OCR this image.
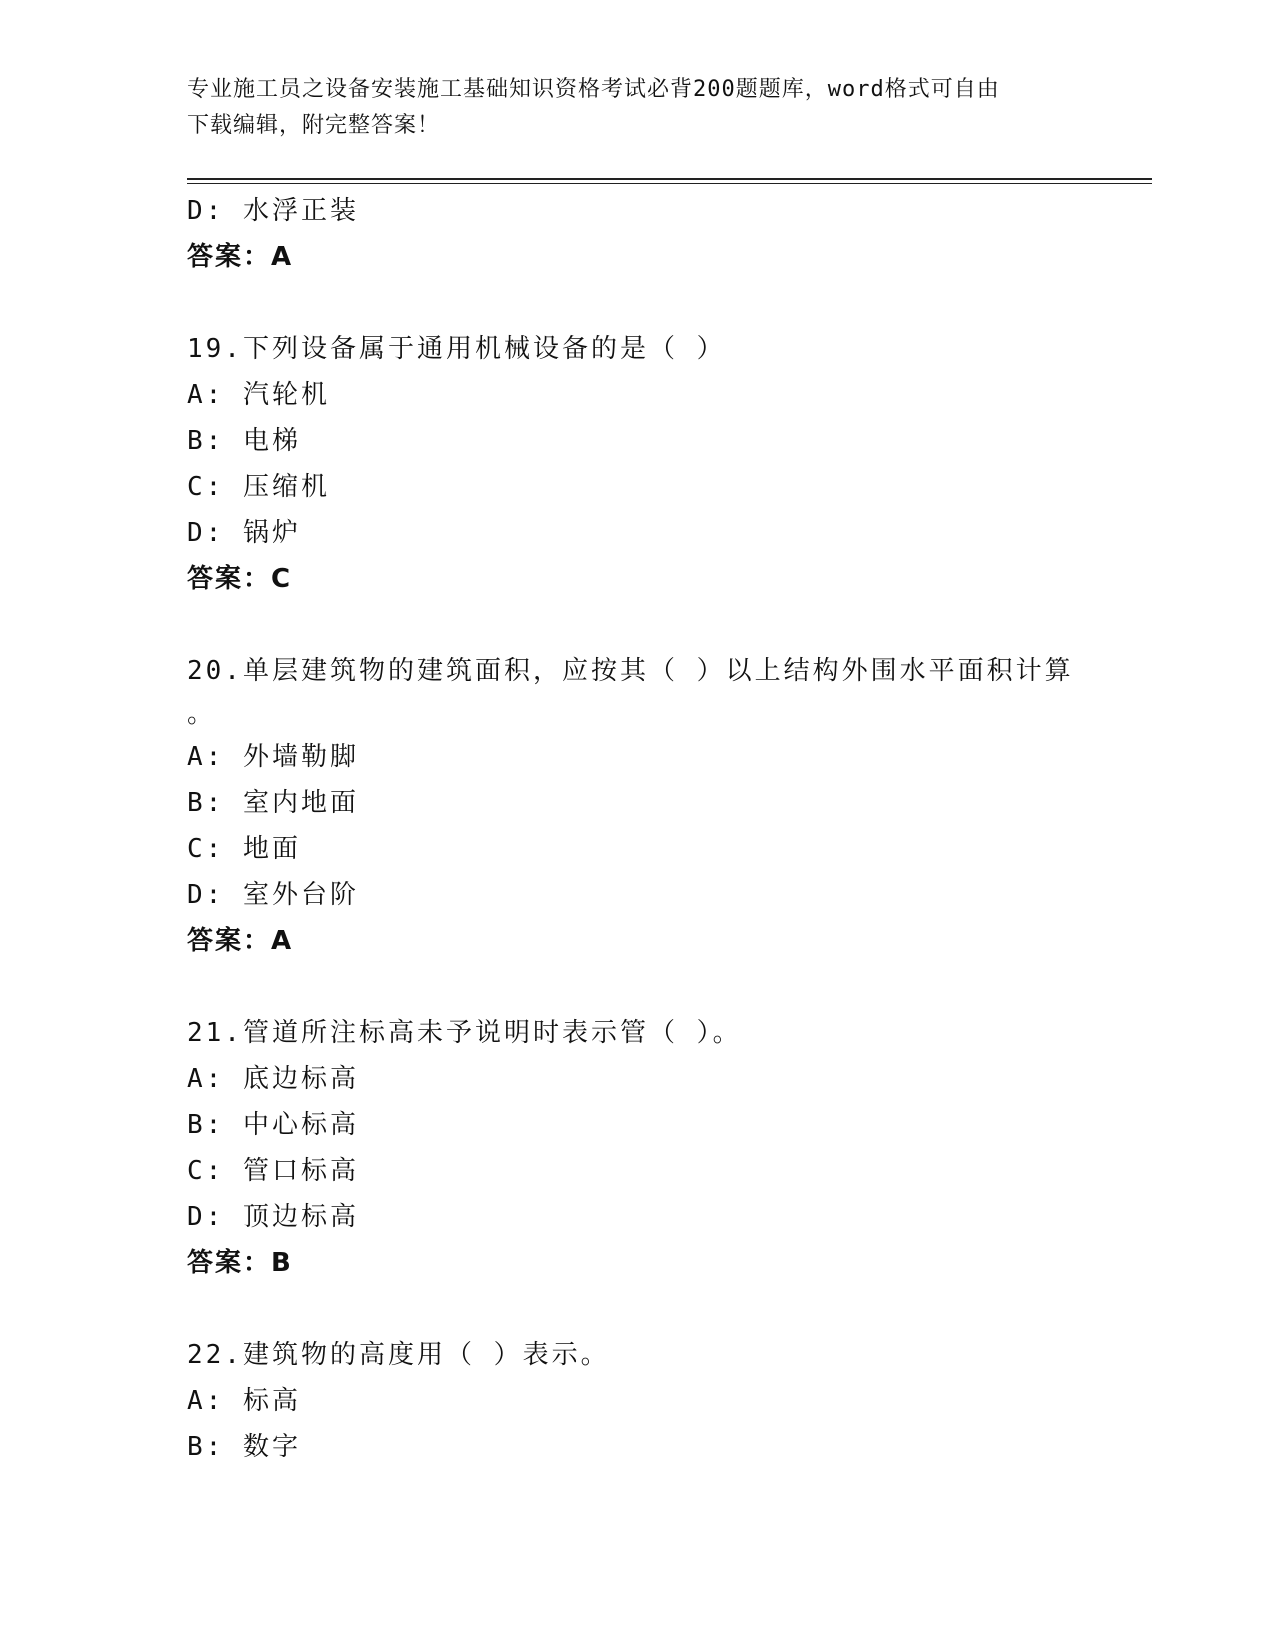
专业施工员之设备安装施工基础知识资格考试必背200题题库，word格式可自由
下载编辑，附完整答案！
D: 水浮正装
答案：A
19.下列设备属于通用机械设备的是（ ）
A: 汽轮机
B: 电梯
C: 压缩机
D: 锅炉
答案：C
20.单层建筑物的建筑面积，应按其（ ）以上结构外围水平面积计算
。
A: 外墙勒脚
B: 室内地面
C: 地面
D: 室外台阶
答案：A
21.管道所注标高未予说明时表示管（ ）。
A: 底边标高
B: 中心标高
C: 管口标高
D: 顶边标高
答案：B
22.建筑物的高度用（ ）表示。
A: 标高
B: 数字
